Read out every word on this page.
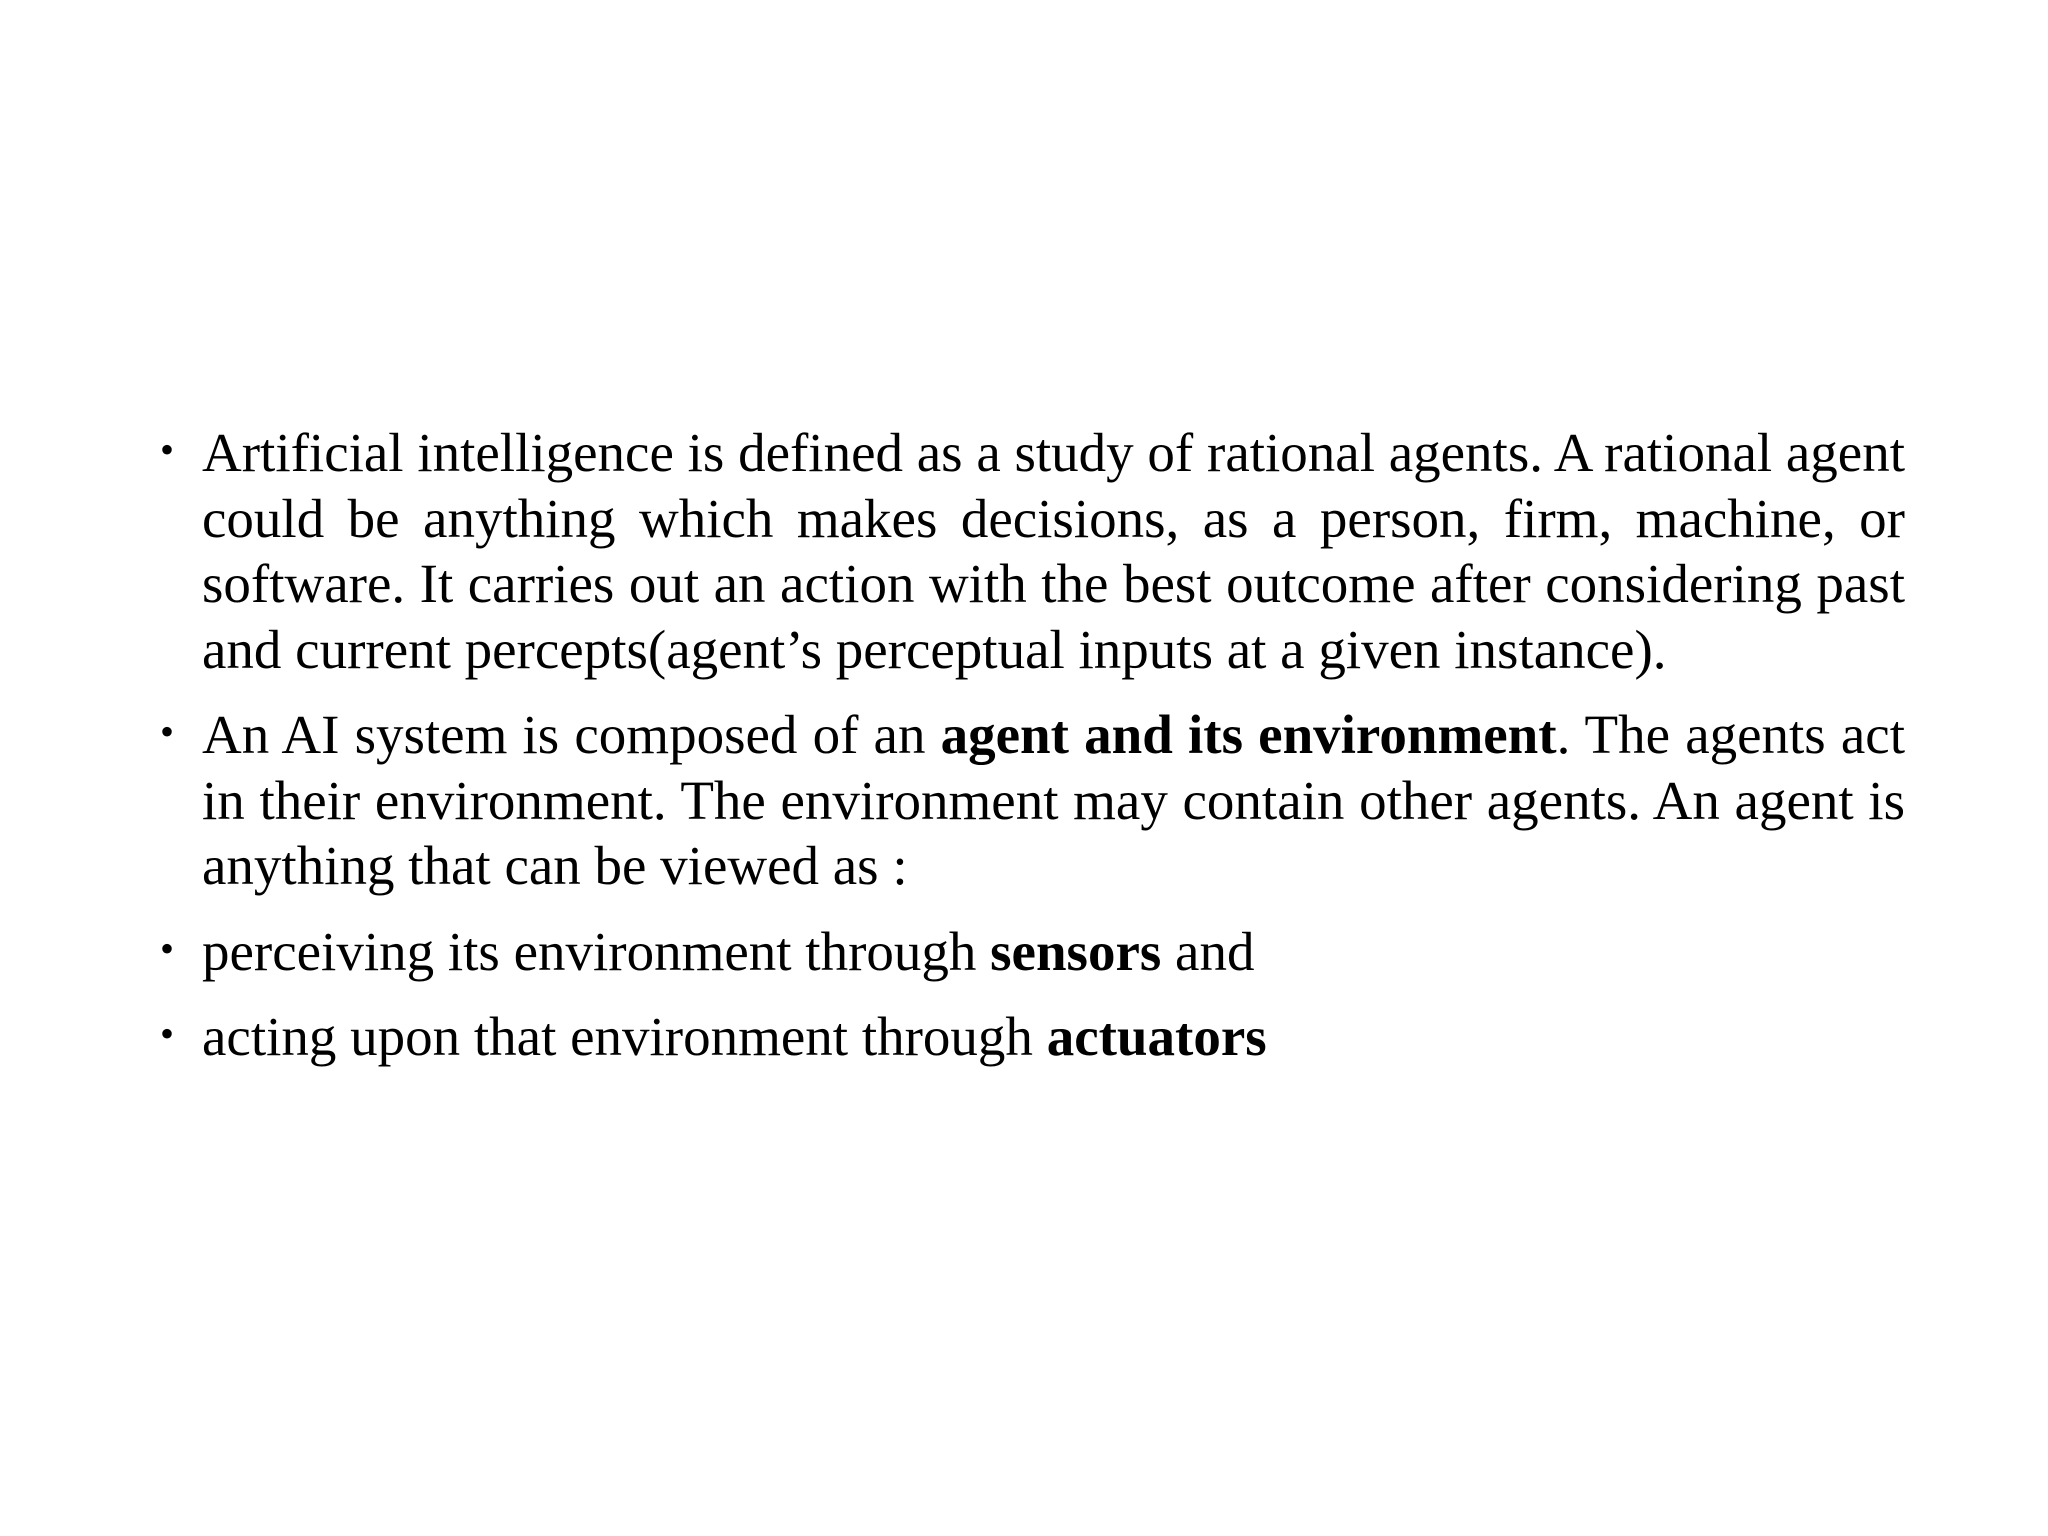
• Artificial intelligence is defined as a study of rational agents. A rational agent could be anything which makes decisions, as a person, firm, machine, or software. It carries out an action with the best outcome after considering past and current percepts(agent’s perceptual inputs at a given instance).
• An AI system is composed of an agent and its environment. The agents act in their environment. The environment may contain other agents. An agent is anything that can be viewed as :
• perceiving its environment through sensors and
• acting upon that environment through actuators
